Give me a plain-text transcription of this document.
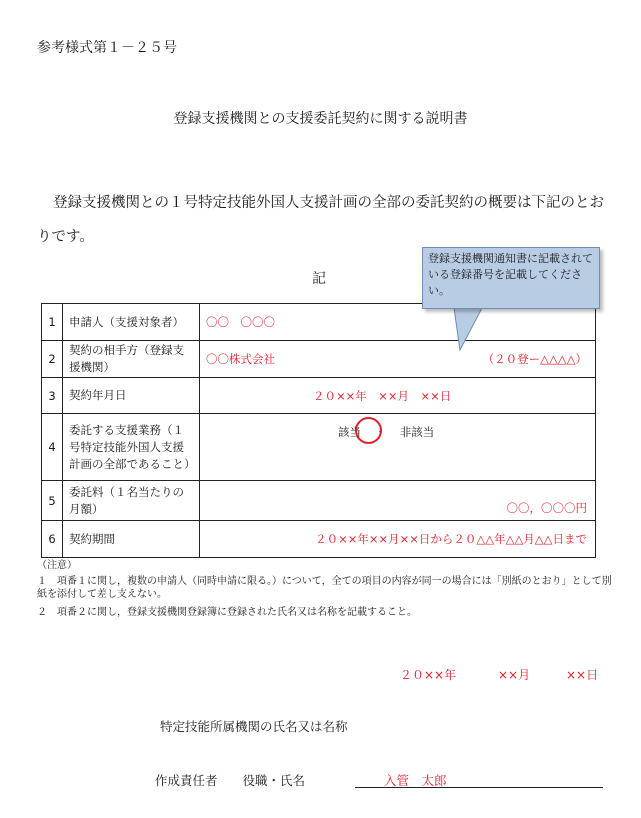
参考様式第１－２５号
登録支援機関との支援委託契約に関する説明書
登録支援機関との１号特定技能外国人支援計画の全部の委託契約の概要は下記のとおりです。
記
1	申請人（支援対象者）	〇〇　〇〇〇
2	契約の相手方（登録支援機関）	〇〇株式会社 （２０登ー△△△△）

3	契約年月日	２０××年　××月　××日
4	委託する支援業務（１号特定技能外国人支援計画の全部であること）	該当 ・ 非該当
5	委託料（１名当たりの月額）	〇〇，〇〇〇円
6	契約期間	２０××年××月××日から２０△△年△△月△△日まで
登録支援機関通知書に記載されている登録番号を記載してください。
（注意）
１　項番１に関し，複数の申請人（同時申請に限る。）について，全ての項目の内容が同一の場合には「別紙のとおり」として別紙を添付して差し支えない。
２　項番２に関し，登録支援機関登録簿に登録された氏名又は名称を記載すること。
２０××年	××月	××日
特定技能所属機関の氏名又は名称
作成責任者　　役職・氏名	入管　太郎
